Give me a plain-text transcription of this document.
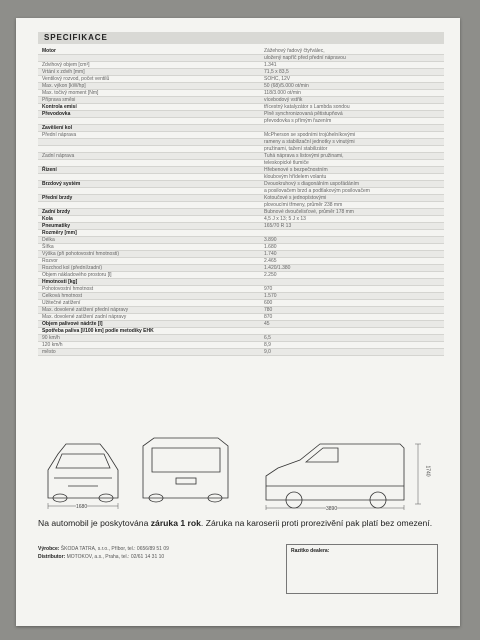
SPECIFIKACE
Motor	Zážehový řadový čtyřválec,
uložený napříč před přední nápravou
Zdvihový objem [cm³]	1.341
Vrtání x zdvih [mm]	71,5 x 83,5
Ventilový rozvod, počet ventilů	SOHC, 12V
Max. výkon [kW/hp]	50 (68)/5.000 ot/min
Max. točivý moment [Nm]	118/3.000 ot/min
Příprava směsi	vícebodový vstřik
Kontrola emisí	třícestný katalyzátor s Lambda sondou
Převodovka	Plně synchronizovaná pětistupňová
převodovka s přímým řazením
Zavěšení kol
Přední náprava	McPherson se spodními trojúhelníkovými
rameny a stabilizační jednotky s vinutými
pružinami, tažení stabilizátor
Zadní náprava	Tuhá náprava s listovými pružinami,
teleskopické tlumiče
Řízení	Hřebenové s bezpečnostním
kloubovým hřídelem volantu
Brzdový systém	Dvouokruhový s diagonálním uspořádáním
a posilovačem brzd a podtlakovým posilovačem
Přední brzdy	Kotoučové s jednopístovými
plovoucími třmeny, průměr 238 mm
Zadní brzdy	Bubnové dvoučelisťové, průměr 178 mm
Kola	4,5 J x 13; 5 J x 13
Pneumatiky	165/70 R 13
Rozměry [mm]
Délka	3.890
Šířka	1.680
Výška (při pohotovostní hmotnosti)	1.740
Rozvor	2.465
Rozchod kol (přední/zadní)	1.420/1.380
Objem nákladového prostoru [l]	2.250
Hmotnosti [kg]
Pohotovostní hmotnost	970
Celková hmotnost	1.570
Užitečné zatížení	600
Max. dovolené zatížení přední nápravy	780
Max. dovolené zatížení zadní nápravy	870
Objem palivové nádrže [l]	45
Spotřeba paliva [l/100 km] podle metodiky EHK
90 km/h	6,5
120 km/h	8,9
město	9,0
1680	3890
1740
Na automobil je poskytována záruka 1 rok. Záruka na karoserii proti prorezivění pak platí bez omezení.
Výrobce: ŠKODA TATRA, s.r.o., Příbor, tel.: 0656/89 51 09
Distributor: MOTOKOV, a.s., Praha, tel.: 02/61 14 31 10
Razítko dealera:
